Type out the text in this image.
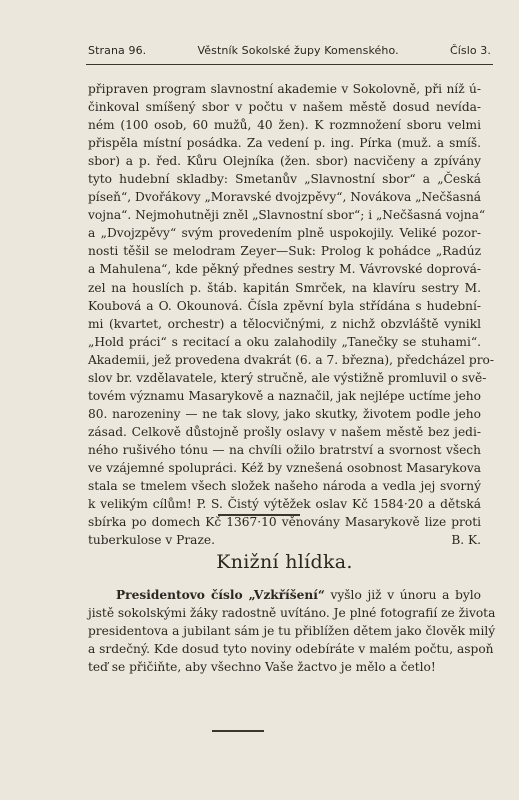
Strana 96.	Věstník Sokolské župy Komenského.	Číslo 3.
připraven program slavnostní akademie v Sokolovně, při níž ú-
činkoval smíšený sbor v počtu v našem městě dosud nevída-
ném (100 osob, 60 mužů, 40 žen). K rozmnožení sboru velmi
přispěla místní posádka. Za vedení p. ing. Pírka (muž. a smíš.
sbor) a p. řed. Kůru Olejníka (žen. sbor) nacvičeny a zpívány
tyto hudební skladby: Smetanův „Slavnostní sbor“ a „Česká
píseň“, Dvořákovy „Moravské dvojzpěvy“, Novákova „Nečšasná
vojna“. Nejmohutněji zněl „Slavnostní sbor“; i „Nečšasná vojna“
a „Dvojzpěvy“ svým provedením plně uspokojily. Veliké pozor-
nosti těšil se melodram Zeyer—Suk: Prolog k pohádce „Radúz
a Mahulena“, kde pěkný přednes sestry M. Vávrovské doprová-
zel na houslích p. štáb. kapitán Smrček, na klavíru sestry M.
Koubová a O. Okounová. Čísla zpěvní byla střídána s hudební-
mi (kvartet, orchestr) a tělocvičnými, z nichž obzvláště vynikl
„Hold práci“ s recitací a oku zalahodily „Tanečky se stuhami“.
Akademii, jež provedena dvakrát (6. a 7. března), předcházel pro-
slov br. vzdělavatele, který stručně, ale výstižně promluvil o svě-
tovém významu Masarykově a naznačil, jak nejlépe uctíme jeho
80. narozeniny — ne tak slovy, jako skutky, životem podle jeho
zásad. Celkově důstojně prošly oslavy v našem městě bez jedi-
ného rušivého tónu — na chvíli ožilo bratrství a svornost všech
ve vzájemné spolupráci. Kéž by vznešená osobnost Masarykova
stala se tmelem všech složek našeho národa a vedla jej svorný
k velikým cílům! P. S. Čistý výtěžek oslav Kč 1584·20 a dětská
sbírka po domech Kč 1367·10 věnovány Masarykově lize proti
tuberkulose v Praze.	B. K.
Knižní hlídka.
Presidentovo číslo „Vzkříšení“ vyšlo již v únoru a bylo
jistě sokolskými žáky radostně uvítáno. Je plné fotografií ze života
presidentova a jubilant sám je tu přiblížen dětem jako člověk milý
a srdečný. Kde dosud tyto noviny odebíráte v malém počtu, aspoň
teď se přičiňte, aby všechno Vaše žactvo je mělo a četlo!
